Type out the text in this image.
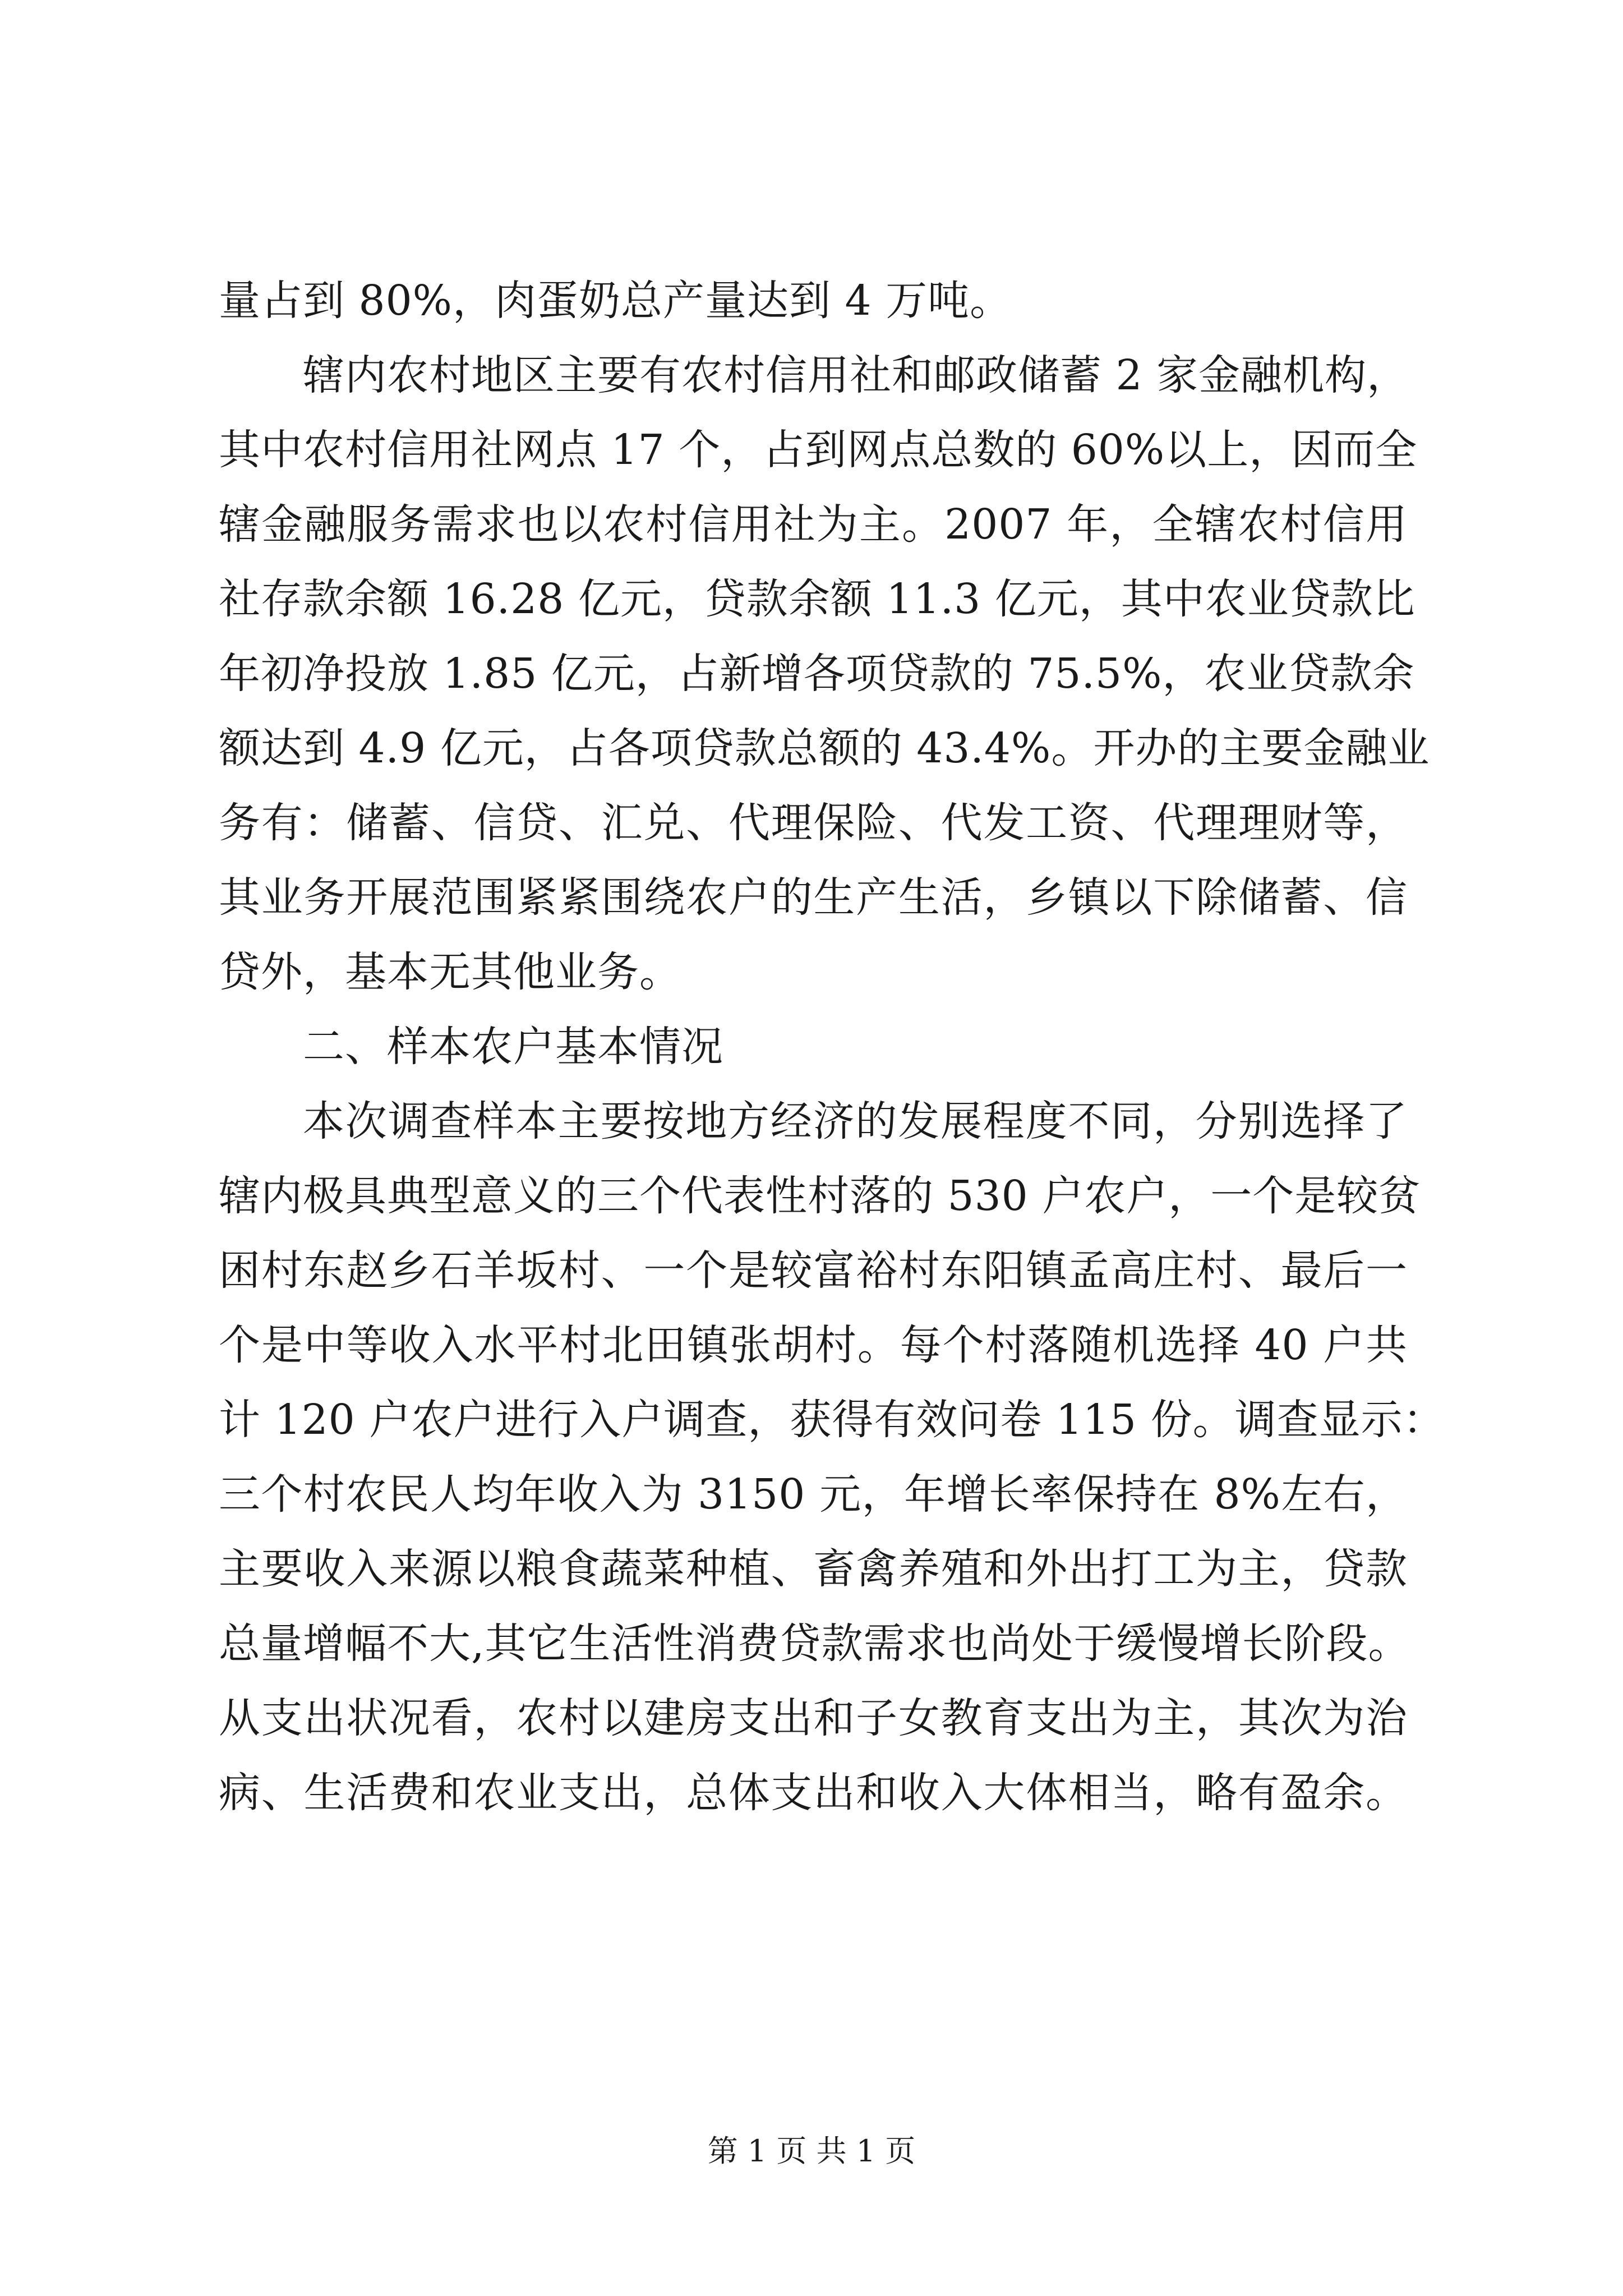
量占到 80%，肉蛋奶总产量达到 4 万吨。
辖内农村地区主要有农村信用社和邮政储蓄 2 家金融机构，
其中农村信用社网点 17 个，占到网点总数的 60%以上，因而全
辖金融服务需求也以农村信用社为主。2007 年，全辖农村信用
社存款余额 16.28 亿元，贷款余额 11.3 亿元，其中农业贷款比
年初净投放 1.85 亿元，占新增各项贷款的 75.5%，农业贷款余
额达到 4.9 亿元，占各项贷款总额的 43.4%。开办的主要金融业
务有：储蓄、信贷、汇兑、代理保险、代发工资、代理理财等，
其业务开展范围紧紧围绕农户的生产生活，乡镇以下除储蓄、信
贷外，基本无其他业务。
二、样本农户基本情况
本次调查样本主要按地方经济的发展程度不同，分别选择了
辖内极具典型意义的三个代表性村落的 530 户农户，一个是较贫
困村东赵乡石羊坂村、一个是较富裕村东阳镇孟高庄村、最后一
个是中等收入水平村北田镇张胡村。每个村落随机选择 40 户共
计 120 户农户进行入户调查，获得有效问卷 115 份。调查显示：
三个村农民人均年收入为 3150 元，年增长率保持在 8%左右，
主要收入来源以粮食蔬菜种植、畜禽养殖和外出打工为主，贷款
总量增幅不大,其它生活性消费贷款需求也尚处于缓慢增长阶段。
从支出状况看，农村以建房支出和子女教育支出为主，其次为治
病、生活费和农业支出，总体支出和收入大体相当，略有盈余。
第 1 页 共 1 页
